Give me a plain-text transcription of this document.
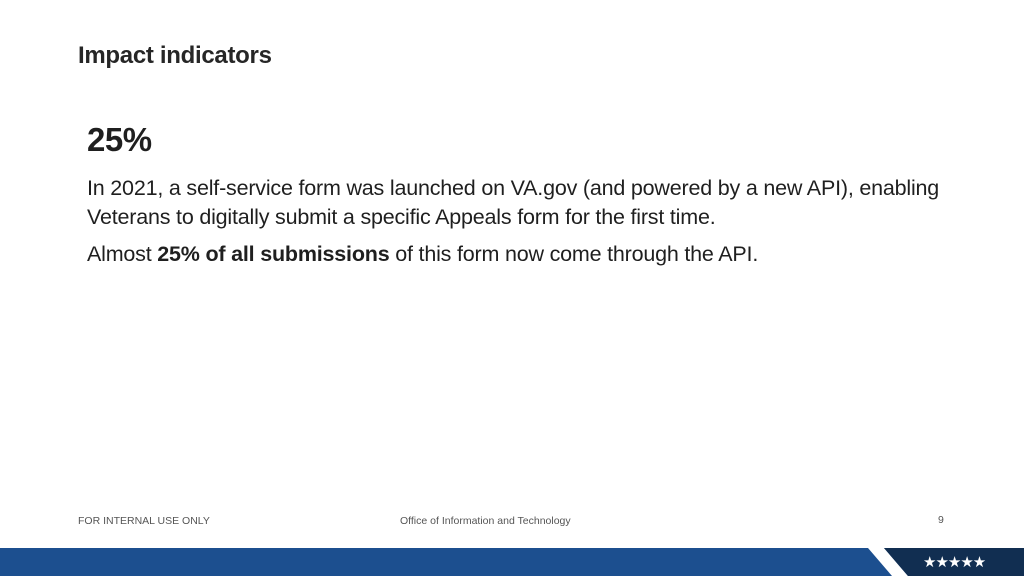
Impact indicators
25%

In 2021, a self-service form was launched on VA.gov (and powered by a new API), enabling Veterans to digitally submit a specific Appeals form for the first time.

Almost 25% of all submissions of this form now come through the API.

FOR INTERNAL USE ONLY	Office of Information and Technology	9
★★★★★
